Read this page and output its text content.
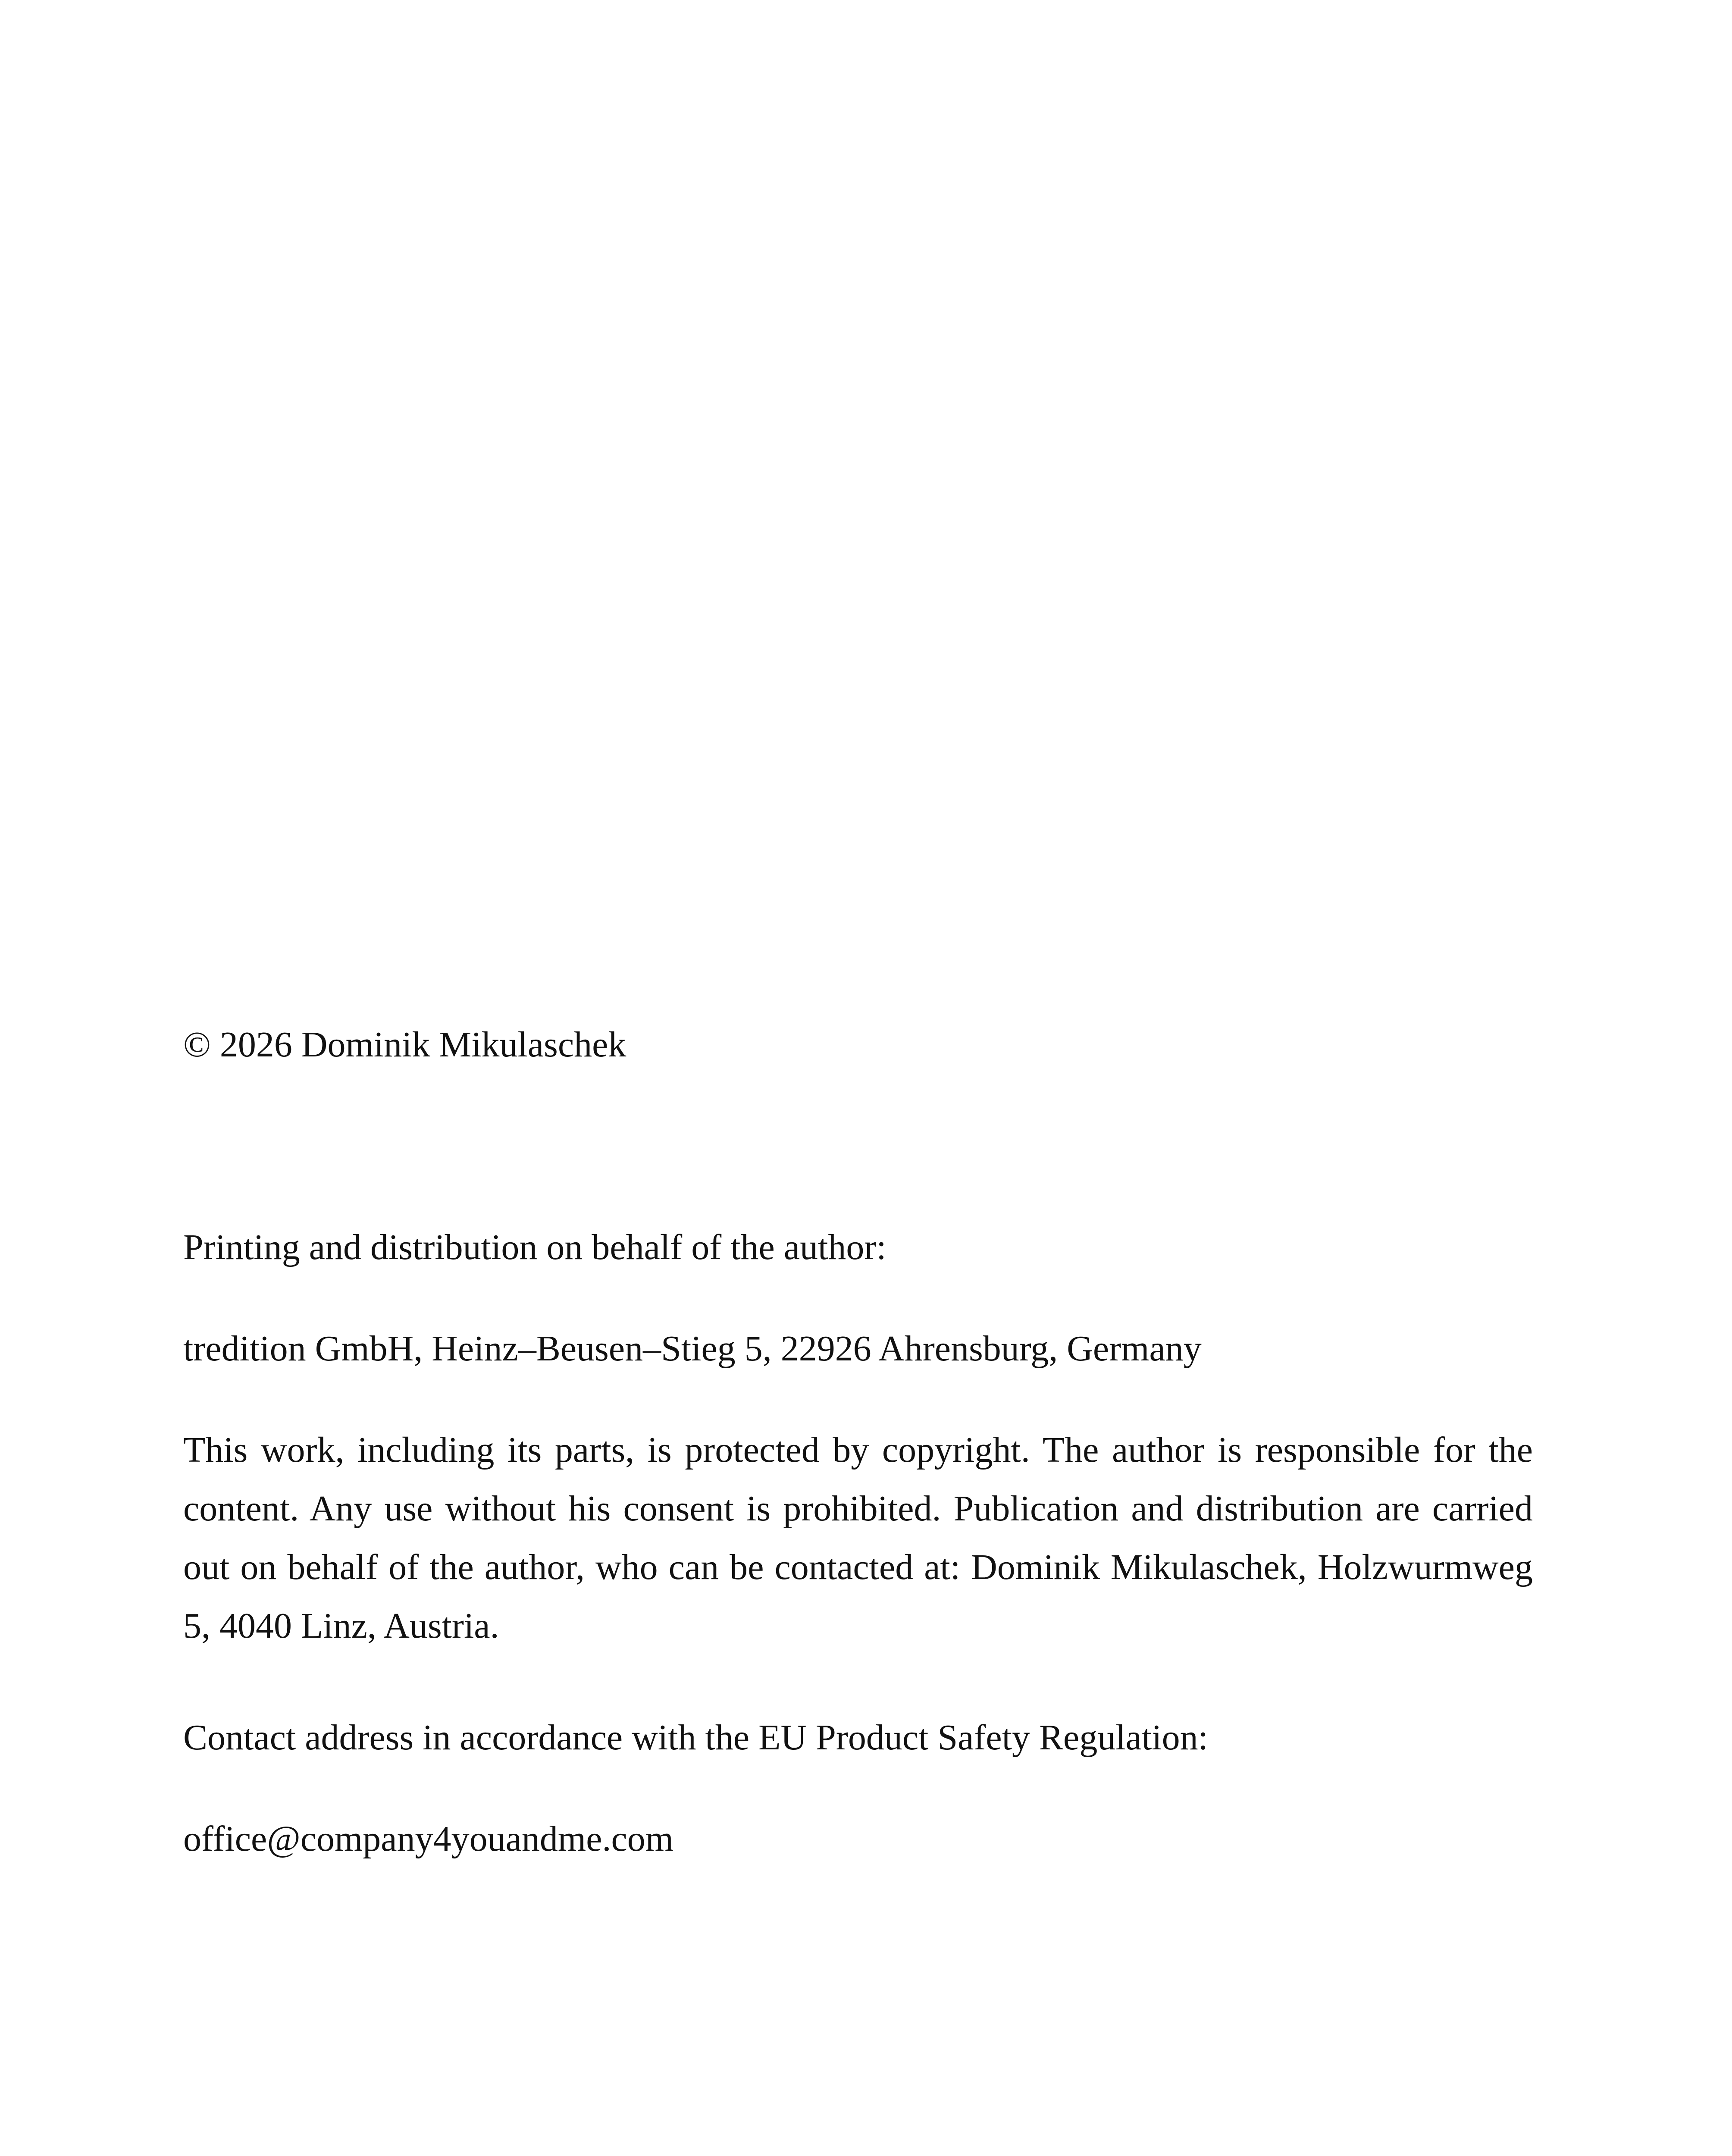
© 2026 Dominik Mikulaschek
Printing and distribution on behalf of the author:
tredition GmbH, Heinz–Beusen–Stieg 5, 22926 Ahrensburg, Germany
This work, including its parts, is protected by copyright. The author is responsible for the content. Any use without his consent is prohibited. Publication and distribution are carried out on behalf of the author, who can be contacted at: Dominik Mikulaschek, Holzwurmweg 5, 4040 Linz, Austria.
Contact address in accordance with the EU Product Safety Regulation:
office@company4youandme.com
